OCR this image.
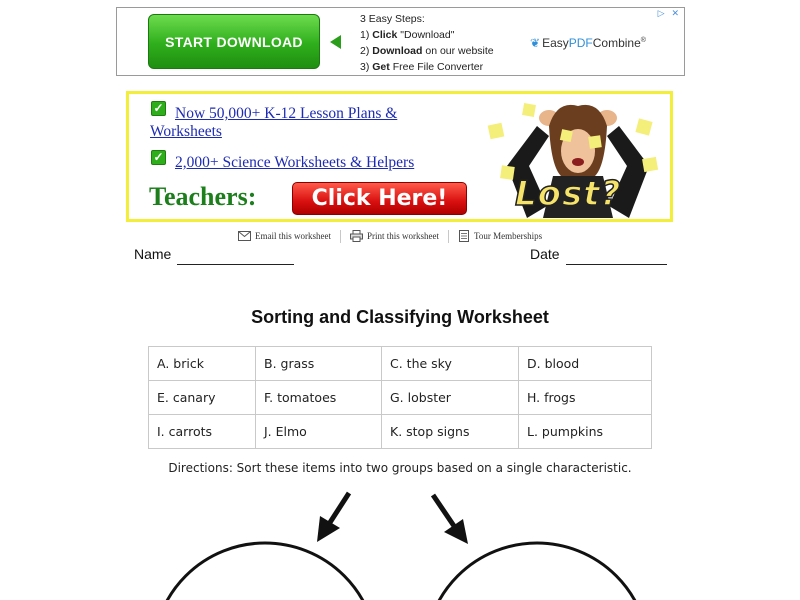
▷ ✕
START DOWNLOAD
3 Easy Steps:
1) Click "Download"
2) Download on our website
3) Get Free File Converter
❦ EasyPDFCombine®
✓ Now 50,000+ K-12 Lesson Plans &
Worksheets
✓ 2,000+ Science Worksheets & Helpers
Teachers:	Click Here!	Lost?
Email this worksheet	Print this worksheet	Tour Memberships
Name	Date
Sorting and Classifying Worksheet
A. brick	B. grass	C. the sky	D. blood
E. canary	F. tomatoes	G. lobster	H. frogs
I. carrots	J. Elmo	K. stop signs	L. pumpkins
Directions: Sort these items into two groups based on a single characteristic.
